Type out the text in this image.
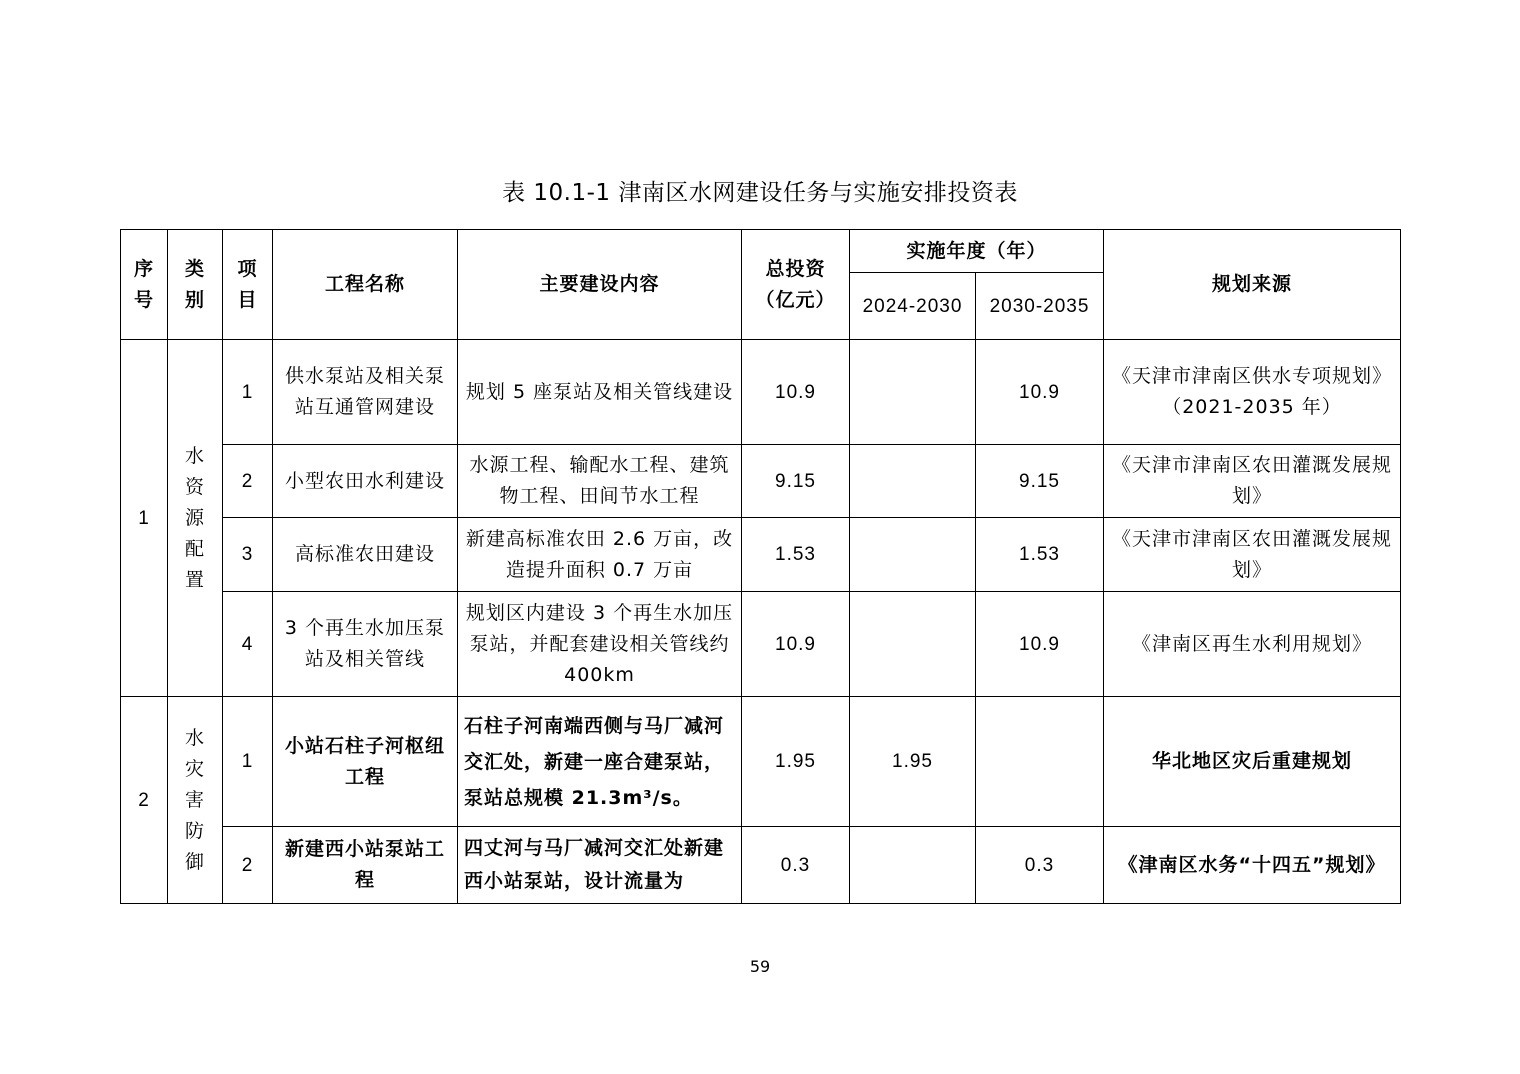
表 10.1-1 津南区水网建设任务与实施安排投资表
序号	类别	项目	工程名称	主要建设内容	总投资（亿元）	实施年度（年）		规划来源
						2024-2030	2030-2035	
1	水资源配置	1	供水泵站及相关泵站互通管网建设	规划 5 座泵站及相关管线建设	10.9		10.9	《天津市津南区供水专项规划》（2021-2035 年）
		2	小型农田水利建设	水源工程、输配水工程、建筑物工程、田间节水工程	9.15		9.15	《天津市津南区农田灌溉发展规划》
		3	高标准农田建设	新建高标准农田 2.6 万亩，改造提升面积 0.7 万亩	1.53		1.53	《天津市津南区农田灌溉发展规划》
		4	3 个再生水加压泵站及相关管线	规划区内建设 3 个再生水加压泵站，并配套建设相关管线约 400km	10.9		10.9	《津南区再生水利用规划》
2	水灾害防御	1	小站石柱子河枢纽工程	石柱子河南端西侧与马厂减河交汇处，新建一座合建泵站，泵站总规模 21.3m³/s。	1.95	1.95		华北地区灾后重建规划
		2	新建西小站泵站工程	四丈河与马厂减河交汇处新建西小站泵站，设计流量为	0.3		0.3	《津南区水务“十四五”规划》
59
